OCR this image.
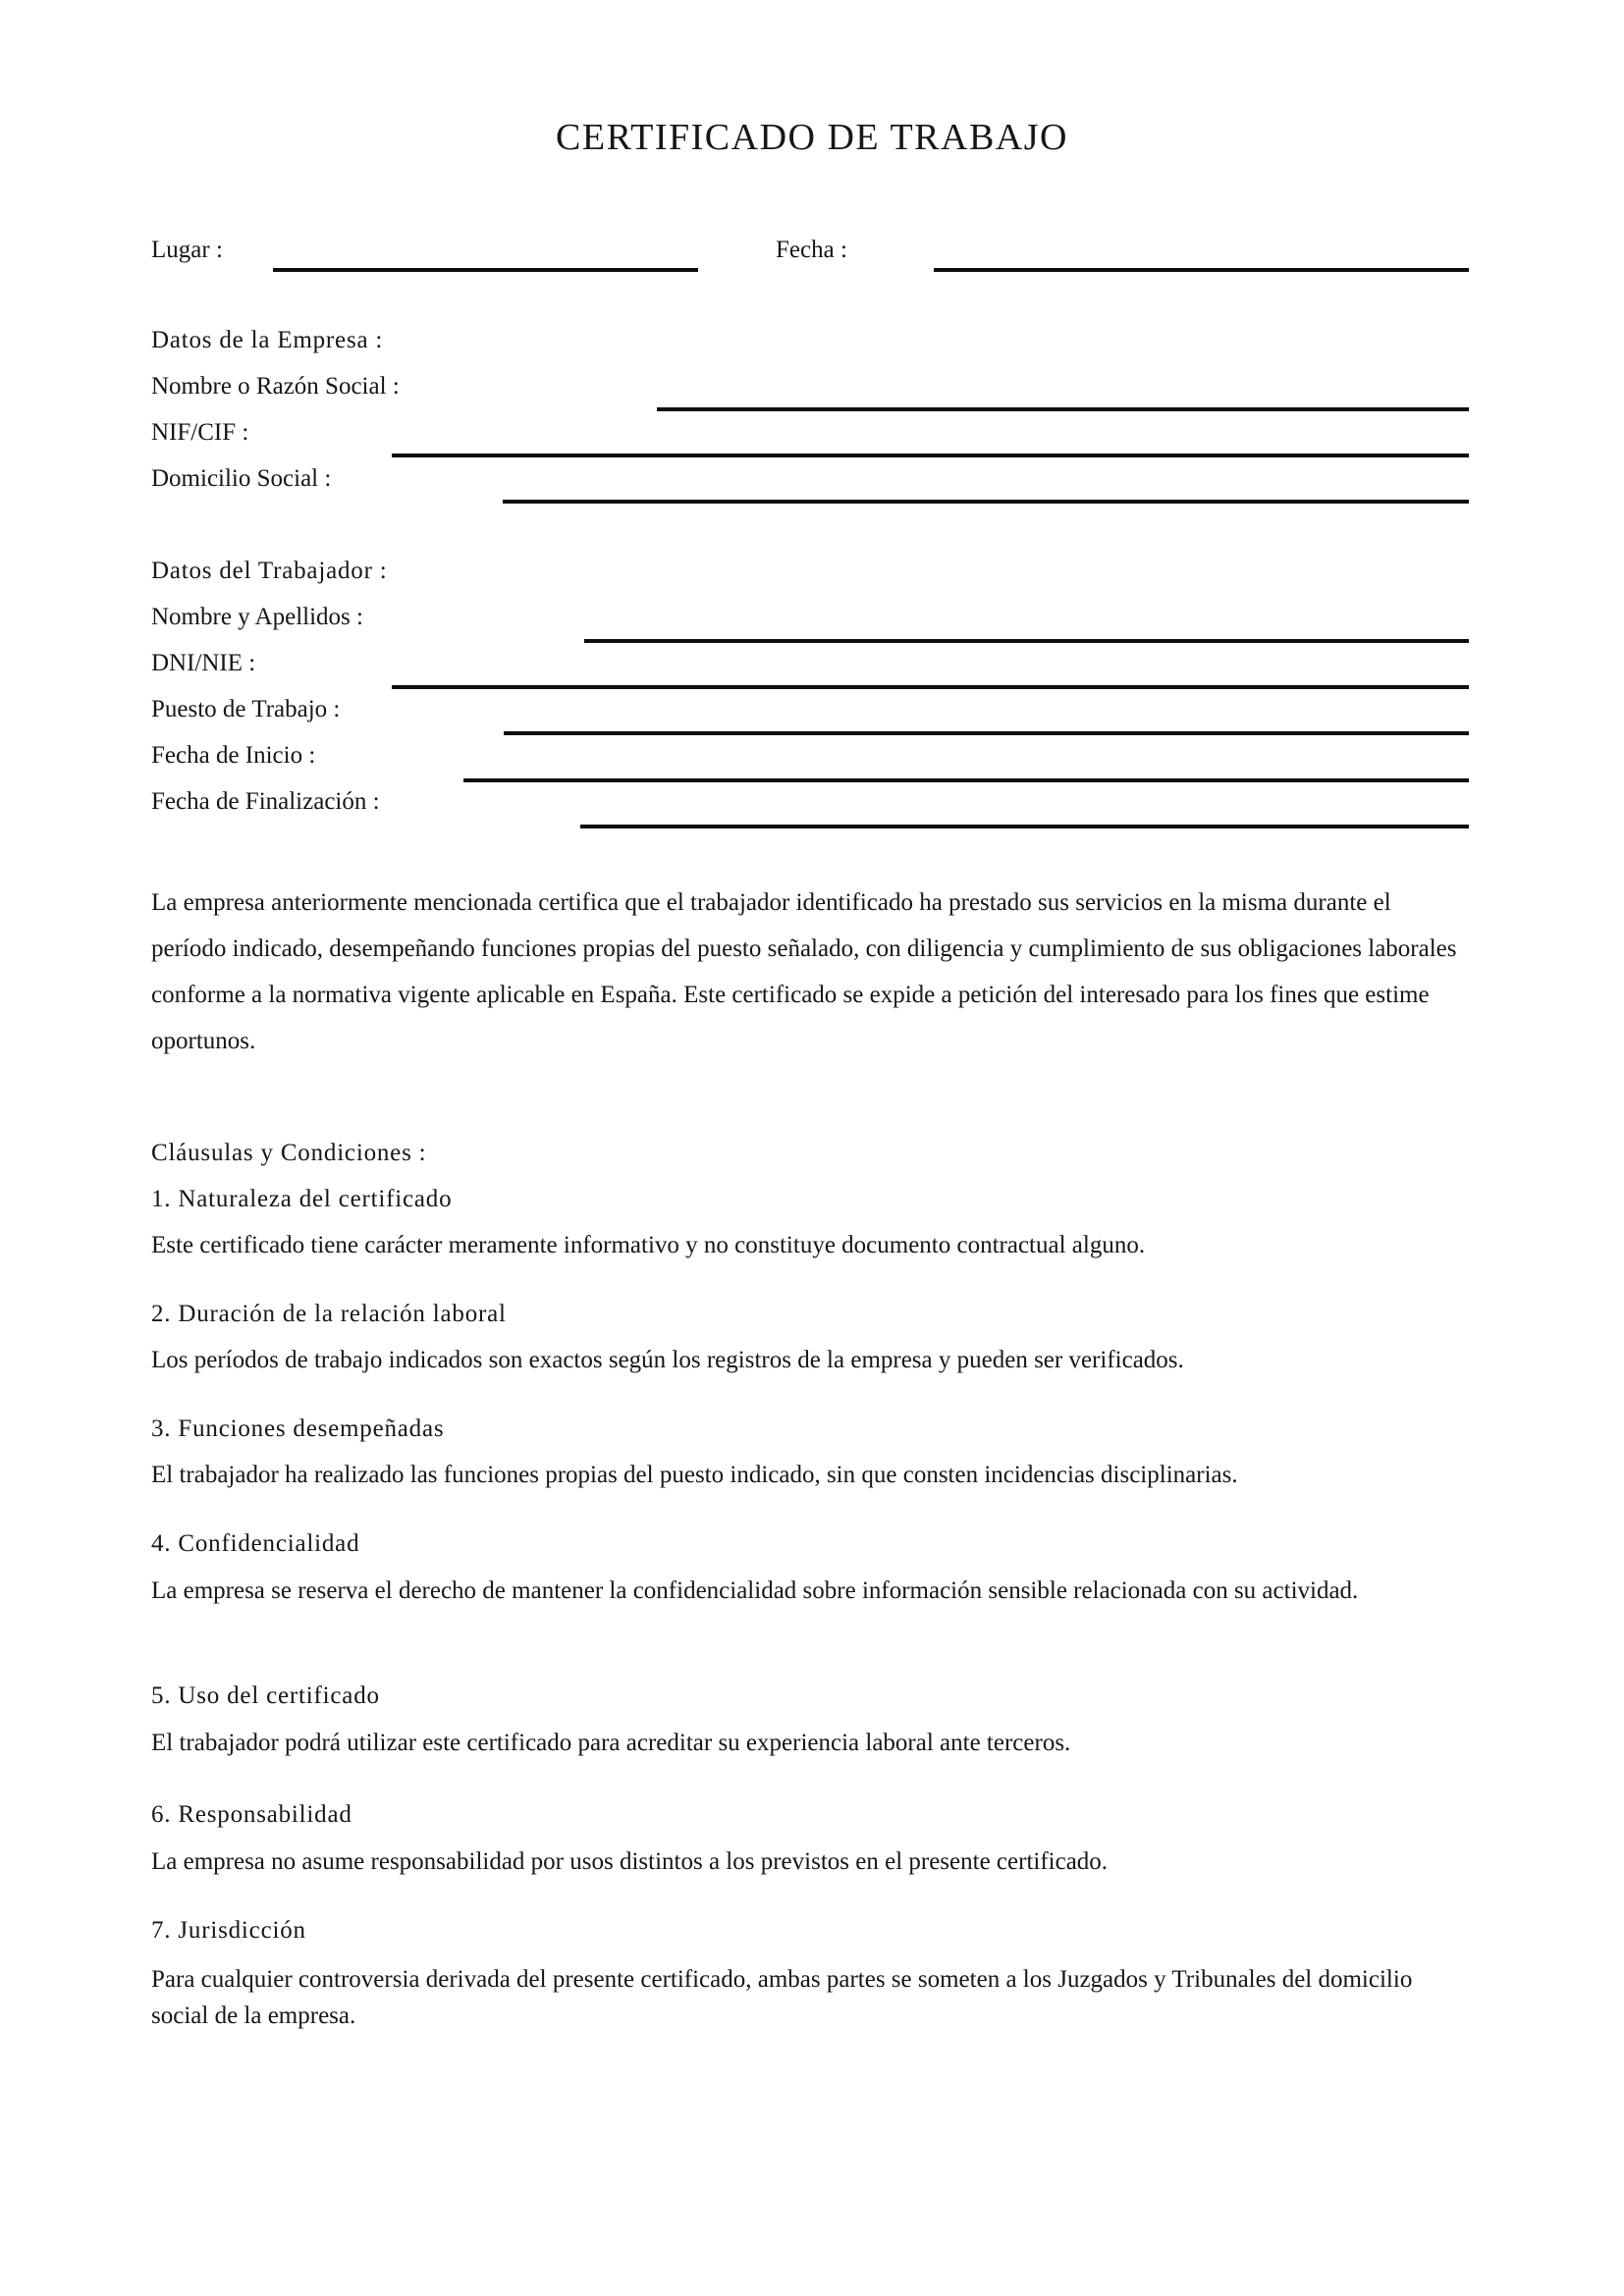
CERTIFICADO DE TRABAJO
Lugar :	Fecha :
Datos de la Empresa :
Nombre o Razón Social :
NIF/CIF :
Domicilio Social :
Datos del Trabajador :
Nombre y Apellidos :
DNI/NIE :
Puesto de Trabajo :
Fecha de Inicio :
Fecha de Finalización :
La empresa anteriormente mencionada certifica que el trabajador identificado ha prestado sus servicios en la misma durante el período indicado, desempeñando funciones propias del puesto señalado, con diligencia y cumplimiento de sus obligaciones laborales conforme a la normativa vigente aplicable en España. Este certificado se expide a petición del interesado para los fines que estime oportunos.
Cláusulas y Condiciones :
1. Naturaleza del certificado
Este certificado tiene carácter meramente informativo y no constituye documento contractual alguno.
2. Duración de la relación laboral
Los períodos de trabajo indicados son exactos según los registros de la empresa y pueden ser verificados.
3. Funciones desempeñadas
El trabajador ha realizado las funciones propias del puesto indicado, sin que consten incidencias disciplinarias.
4. Confidencialidad
La empresa se reserva el derecho de mantener la confidencialidad sobre información sensible relacionada con su actividad.
5. Uso del certificado
El trabajador podrá utilizar este certificado para acreditar su experiencia laboral ante terceros.
6. Responsabilidad
La empresa no asume responsabilidad por usos distintos a los previstos en el presente certificado.
7. Jurisdicción
Para cualquier controversia derivada del presente certificado, ambas partes se someten a los Juzgados y Tribunales del domicilio social de la empresa.
